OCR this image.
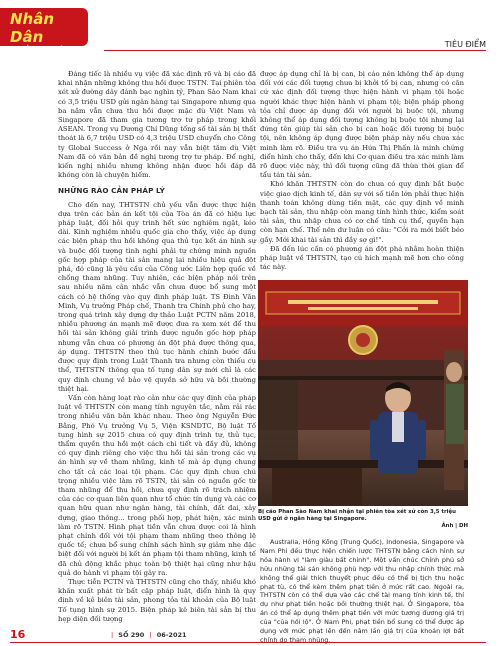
Nhân Dân
hằng tháng
TIÊU ĐIỂM

Đáng tiếc là nhiều vụ việc đã xác định rõ và bị cáo đã khai nhận những không thu hồi được TSTN. Tại phiên tòa xét xử đường dây đánh bạc nghìn tỷ, Phan Sào Nam khai có 3,5 triệu USD gửi ngân hàng tại Singapore nhưng qua ba năm vẫn chưa thu hồi được mặc dù Việt Nam và Singapore đã tham gia tương trợ tư pháp trong khối ASEAN. Trong vụ Dương Chí Dũng tống số tài sản bị thất thoát là 6,7 triệu USD có 4,3 triệu USD chuyển cho Công ty Global Success ở Nga rồi nay vẫn biệt tăm dù Việt Nam đã có văn bản đề nghị tương trợ tư pháp. Để nghị, kiến nghị nhiều nhưng không nhận được hồi đáp đã khóng còn là chuyện hiếm.

NHỮNG RÀO CẢN PHÁP LÝ

Cho đến nay, THTSTN chủ yếu vẫn được thực hiện dựa trên các bản án kết tội của Tòa án đã có hiệu lực pháp luật, đối hỏi quy trình hết sức nghiêm ngặt, kéo dài. Kinh nghiệm nhiều quốc gia cho thấy, việc áp dụng các biện pháp thu hồi không qua thủ tục kết án hình sự và buộc đối tượng tình nghi phải tự chứng minh nguồn gốc hợp pháp của tài sản mang lại nhiều hiệu quả đột phá, đó cũng là yêu cầu của Công ước Liên hợp quốc về chống tham nhũng. Tuy nhiên, các biện pháp nói trên sau nhiều năm cân nhắc vẫn chưa được bổ sung một cách có hệ thống vào quy định pháp luật. TS Đinh Văn Minh, Vụ trưởng Pháp chế, Thanh tra Chính phủ cho hay, trong quá trình xây dựng dự thảo Luật PCTN năm 2018, nhiều phương án mạnh mẽ được đưa ra xem xét để thu hồi tài sản không giải trình được nguồn gốc hợp pháp nhưng vẫn chưa có phương án đột phá được thông qua, áp dụng. THTSTN theo thủ tục hành chính bước đầu được quy định trong Luật Thanh tra nhưng còn thiếu cụ thể, THTSTN thông qua tố tụng dân sự mới chỉ là các quy định chung về bảo vệ quyền sở hữu và bồi thường thiệt hại.

Vấn còn hàng loạt rào cản như các quy định của pháp luật về THTSTN còn mang tính nguyên tắc, nằm rải rác trong nhiều văn bản khác nhau. Theo ông Nguyễn Đức Bằng, Phó Vụ trưởng Vụ 5, Viện KSNDTC, Bộ luật Tố tụng hình sự 2015 chưa có quy định trình tự, thủ tục, thẩm quyền thu hồi một cách chi tiết và đầy đủ, không có quy định riêng cho việc thu hồi tài sản trong các vụ án hình sự về tham nhũng, kinh tế mà áp dụng chung cho tất cả các loại tội phạm. Các quy định chưa chú trọng nhiều việc làm rõ TSTN, tài sản có nguồn gốc từ tham nhũng để thu hồi, chưa quy định rõ trách nhiệm của các cơ quan liên quan như tổ chức tín dụng và các cơ quan hữu quan như ngân hàng, tài chính, đất đai, xây dựng, giao thông... trong phối hợp, phát hiện, xác minh làm rõ TSTN. Hình phạt tiền vẫn chưa được coi là hình phạt chính đối với tội phạm tham nhũng theo thông lệ quốc tế; chưa bổ sung chính sách hình sự giảm nhẹ đặc biệt đối với người bị kết án phạm tội tham nhũng, kinh tế đã chủ động khắc phục toàn bộ thiệt hại cũng như hậu quả do hành vi phạm tội gây ra.

Thực tiễn PCTN và THTSTN cũng cho thấy, nhiều khó khăn xuất phát từ bất cập pháp luật, điển hình là quy định về kê biên tài sản, phong tỏa tài khoản của Bộ luật Tố tụng hình sự 2015. Biện pháp kê biên tài sản bị thu hẹp diện đối tượng

được áp dụng chỉ là bị can, bị cáo nên không thể áp dụng đối với các đối tượng chưa bị khởi tố bị can, nhưng có căn cứ xác định đối tượng thực hiện hành vi phạm tội hoặc người khác thực hiện hành vi phạm tội; biện pháp phong tỏa chỉ được áp dụng đối với người bị buộc tội, nhưng không thể áp dụng đối tượng không bị buộc tội nhưng lại đứng tên giúp tài sản cho bị can hoặc đối tượng bị buộc tội, nên không áp dụng được biện pháp này nếu chưa xác minh làm rõ. Điều tra vụ án Hứa Thị Phấn là minh chứng điển hình cho thấy, đến khi Cơ quan điều tra xác minh làm rõ được việc này, thì đối tượng cũng đã thừa thời gian để tẩu tán tài sản.

Khó khăn THTSTN còn do chưa có quy định bắt buộc việc giao dịch kinh tế, dân sự với số tiền lớn phải thực hiện thanh toán không dùng tiền mặt, các quy định về minh bạch tài sản, thu nhập còn mang tính hình thức, kiểm soát tài sản, thu nhập chưa có cơ chế tính cụ thể, quyền hạn còn hạn chế. Thế nên dư luận có câu: "Cởi ra mới biết béo gầy. Mới khai tài sản thì đầy sợ gì!".

Đã đến lúc cần có phương án đột phá nhằm hoàn thiện pháp luật về THTSTN, tạo cú hích mạnh mẽ hơn cho công tác này.

Bị cáo Phan Sào Nam khai nhận tại phiên tòa xét xử còn 3,5 triệu USD gửi ở ngân hàng tại Singapore.
Ảnh | DH

Australia, Hồng Kông (Trung Quốc), Indonesia, Singapore và Nam Phi đều thực hiện chiến lược THTSTN bằng cách hình sự hóa hành vi "làm giàu bất chính". Một vấn chúc Chính phủ sở hữu những tài sản không phù hợp với thu nhập chính thức mà không thể giải thích thuyết phục đều có thể bị tịch thu hoặc phạt tù, có thể kèm thêm phạt tiền ở mức rất cao. Ngoài ra, THTSTN còn có thể dựa vào các chế tài mang tính kinh tế, thí dụ như phạt tiền hoặc bồi thường thiệt hại. Ở Singapore, tòa án có thể áp dụng thêm phạt tiền với mức tương đương giá trị của "của hối lộ". Ở Nam Phi, phạt tiền bổ sung có thể được áp dụng với mức phạt lên đến năm lần giá trị của khoản lợi bất chính do tham nhũng.

16	| SỐ 290 | 06-2021
